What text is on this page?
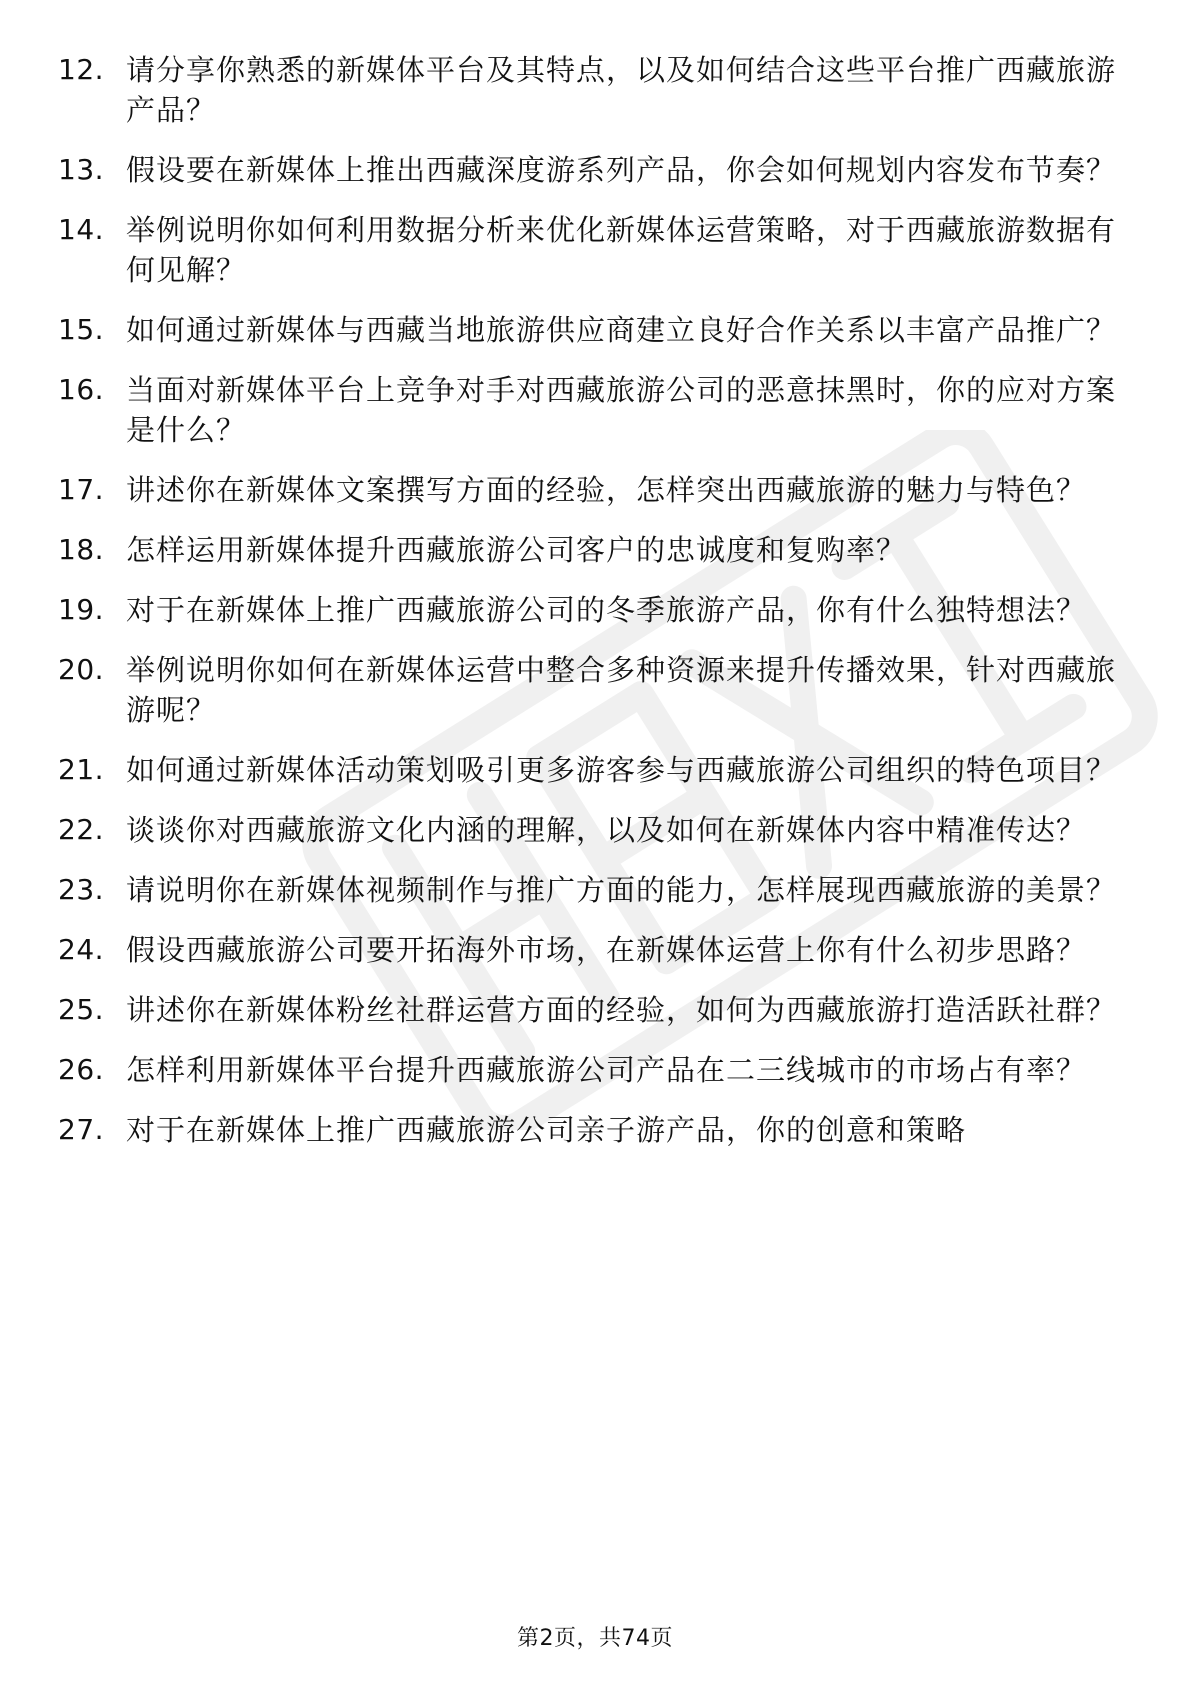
12. 请分享你熟悉的新媒体平台及其特点，以及如何结合这些平台推广西藏旅游产品？
13. 假设要在新媒体上推出西藏深度游系列产品，你会如何规划内容发布节奏？
14. 举例说明你如何利用数据分析来优化新媒体运营策略，对于西藏旅游数据有何见解？
15. 如何通过新媒体与西藏当地旅游供应商建立良好合作关系以丰富产品推广？
16. 当面对新媒体平台上竞争对手对西藏旅游公司的恶意抹黑时，你的应对方案是什么？
17. 讲述你在新媒体文案撰写方面的经验，怎样突出西藏旅游的魅力与特色？
18. 怎样运用新媒体提升西藏旅游公司客户的忠诚度和复购率？
19. 对于在新媒体上推广西藏旅游公司的冬季旅游产品，你有什么独特想法？
20. 举例说明你如何在新媒体运营中整合多种资源来提升传播效果，针对西藏旅游呢？
21. 如何通过新媒体活动策划吸引更多游客参与西藏旅游公司组织的特色项目？
22. 谈谈你对西藏旅游文化内涵的理解，以及如何在新媒体内容中精准传达？
23. 请说明你在新媒体视频制作与推广方面的能力，怎样展现西藏旅游的美景？
24. 假设西藏旅游公司要开拓海外市场，在新媒体运营上你有什么初步思路？
25. 讲述你在新媒体粉丝社群运营方面的经验，如何为西藏旅游打造活跃社群？
26. 怎样利用新媒体平台提升西藏旅游公司产品在二三线城市的市场占有率？
27. 对于在新媒体上推广西藏旅游公司亲子游产品，你的创意和策略
第2页，共74页
